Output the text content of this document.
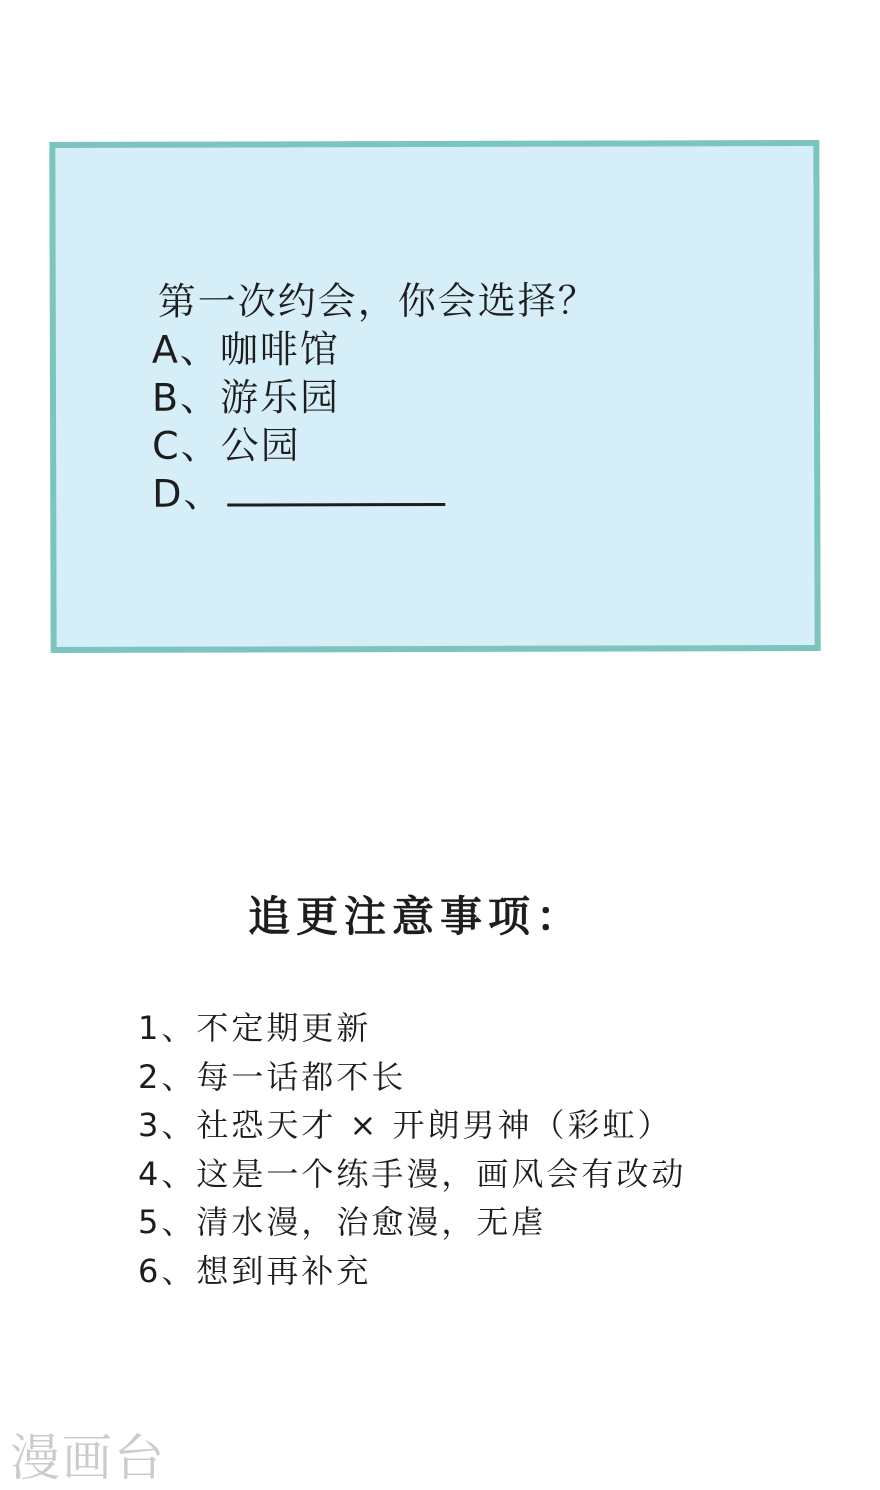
第一次约会，你会选择？
A、咖啡馆
B、游乐园
C、公园
D、
追更注意事项：
1、不定期更新
2、每一话都不长
3、社恐天才 × 开朗男神（彩虹）
4、这是一个练手漫，画风会有改动
5、清水漫，治愈漫，无虐
6、想到再补充
漫画台
